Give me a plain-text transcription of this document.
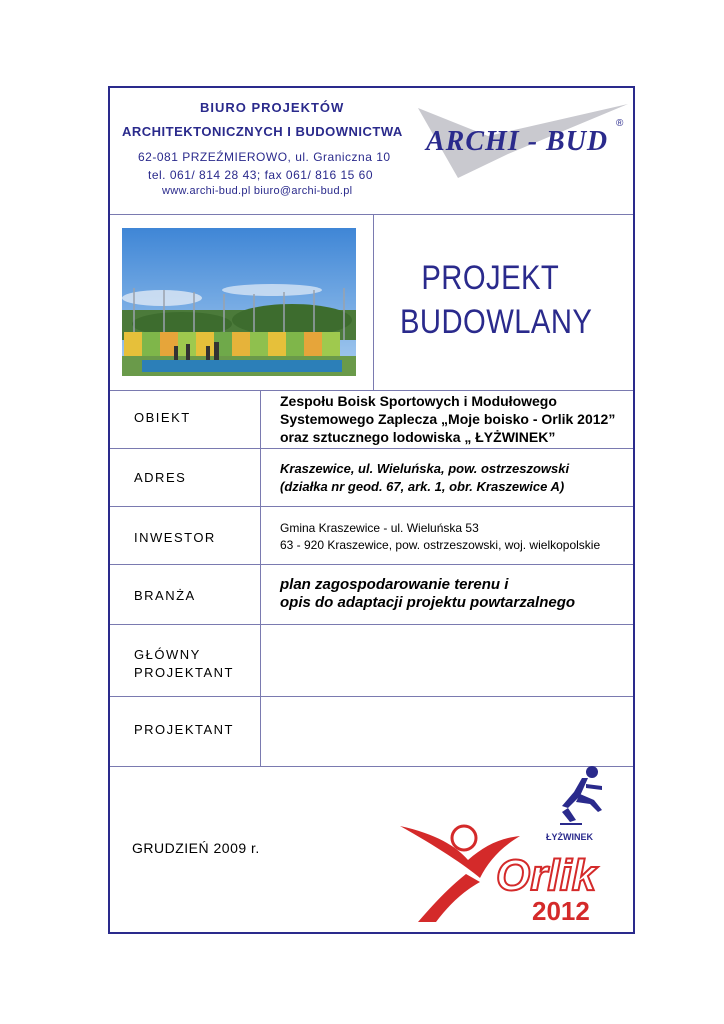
BIURO PROJEKTÓW
ARCHITEKTONICZNYCH I BUDOWNICTWA
62-081 PRZEŹMIEROWO, ul. Graniczna 10
tel. 061/ 814 28 43; fax 061/ 816 15 60
www.archi-bud.pl biuro@archi-bud.pl
ARCHI - BUD
®
PROJEKT
BUDOWLANY
OBIEKT
Zespołu Boisk Sportowych i Modułowego
Systemowego Zaplecza „Moje boisko - Orlik 2012”
oraz sztucznego lodowiska „ ŁYŻWINEK”
ADRES
Kraszewice, ul. Wieluńska, pow. ostrzeszowski
(działka nr geod. 67, ark. 1, obr. Kraszewice A)
INWESTOR
Gmina Kraszewice - ul. Wieluńska 53
63 - 920 Kraszewice, pow. ostrzeszowski, woj. wielkopolskie
BRANŻA
plan zagospodarowanie terenu i
opis do adaptacji projektu powtarzalnego
GŁÓWNY
PROJEKTANT
PROJEKTANT
GRUDZIEŃ 2009 r.
ŁYŻWINEK
Orlik
2012
